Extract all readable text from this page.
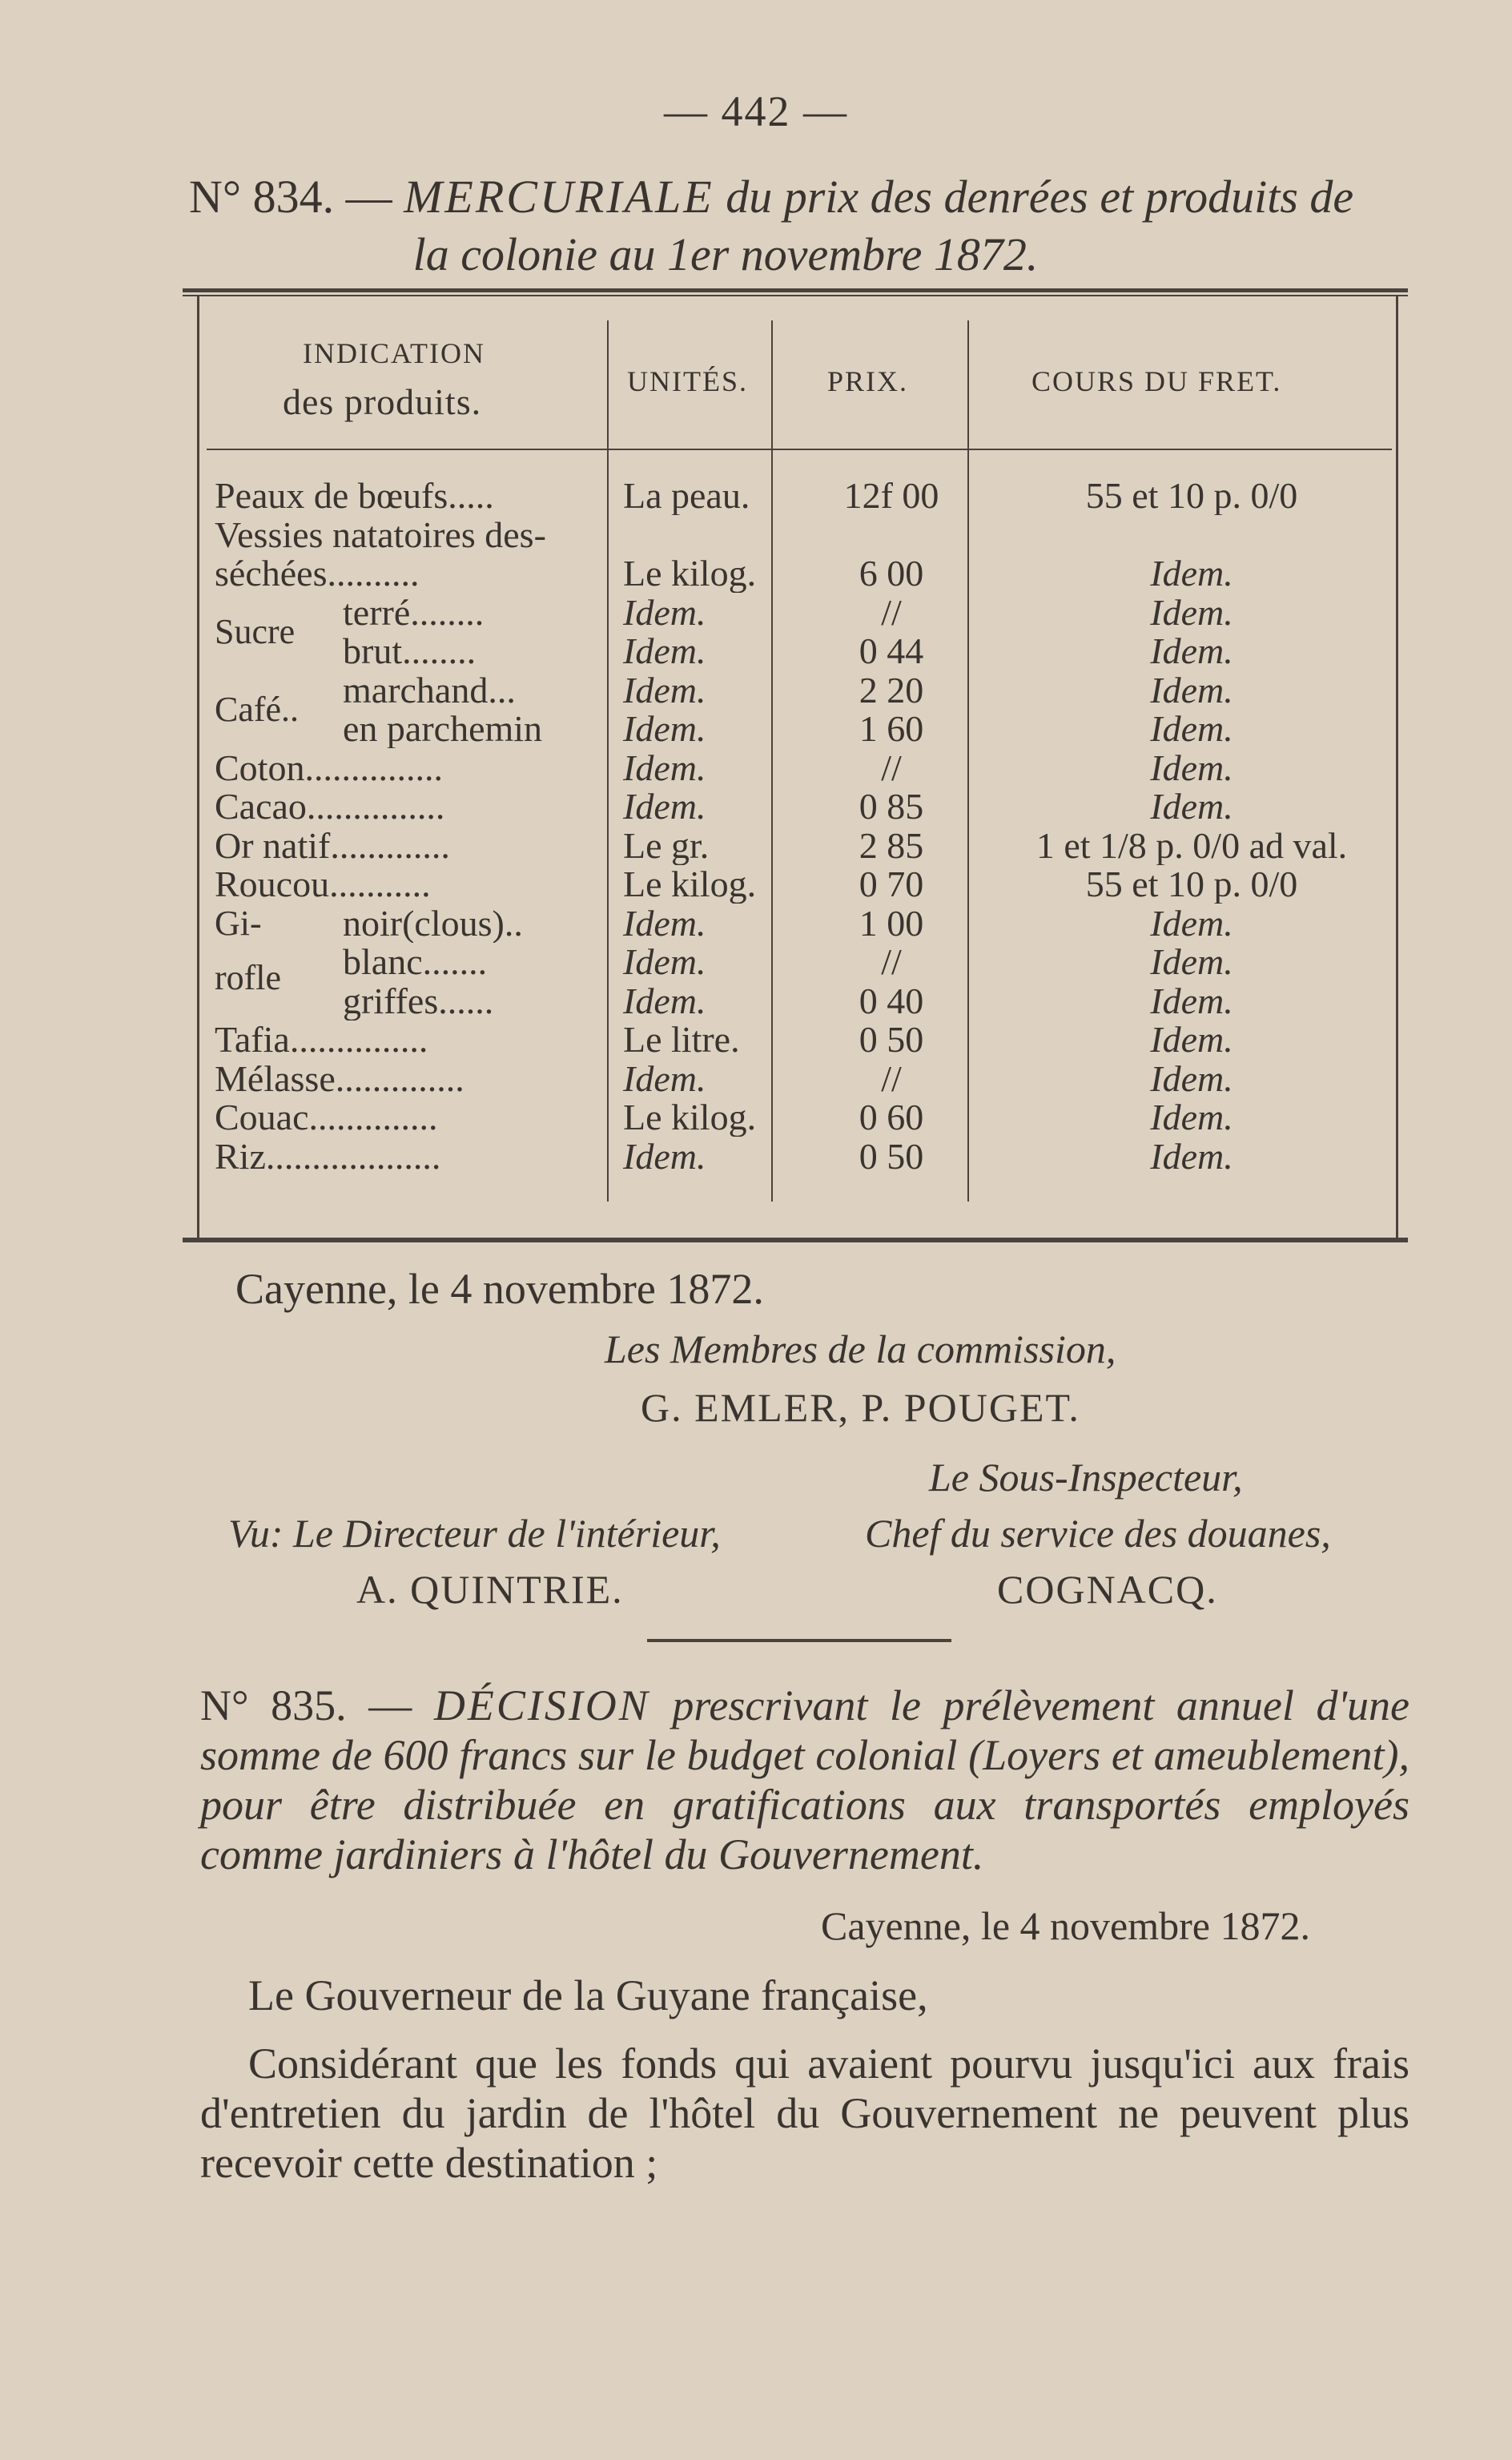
— 442 —
N° 834. — MERCURIALE du prix des denrées et produits de
la colonie au 1er novembre 1872.
INDICATION
des produits.	UNITÉS.	PRIX.	COURS DU FRET.
Peaux de bœufs.....	La peau.	12f 00	55 et 10 p. 0/0
Vessies natatoires des-
séchées..........	Le kilog.	6 00	Idem.
terré........	Idem.	//	Idem.
Sucre brut........	Idem.	0 44	Idem.
marchand...	Idem.	2 20	Idem.
Café.. en parchemin	Idem.	1 60	Idem.
Coton...............	Idem.	//	Idem.
Cacao...............	Idem.	0 85	Idem.
Or natif.............	Le gr.	2 85	1 et 1/8 p. 0/0 ad val.
Roucou...........	Le kilog.	0 70	55 et 10 p. 0/0
noir(clous)..	Idem.	1 00	Idem.
Gi-
blanc.......	Idem.	//	Idem.
rofle
griffes......	Idem.	0 40	Idem.
Tafia...............	Le litre.	0 50	Idem.
Mélasse..............	Idem.	//	Idem.
Couac..............	Le kilog.	0 60	Idem.
Riz...................	Idem.	0 50	Idem.
Cayenne, le 4 novembre 1872.
Les Membres de la commission,
G. EMLER, P. POUGET.
Le Sous-Inspecteur,
Vu: Le Directeur de l'intérieur,	Chef du service des douanes,
A. QUINTRIE.	COGNACQ.
N° 835. — DÉCISION prescrivant le prélèvement annuel d'une somme de 600 francs sur le budget colonial (Loyers et ameublement), pour être distribuée en gratifications aux transportés employés comme jardiniers à l'hôtel du Gouvernement.
Cayenne, le 4 novembre 1872.
Le Gouverneur de la Guyane française,
Considérant que les fonds qui avaient pourvu jusqu'ici aux frais d'entretien du jardin de l'hôtel du Gouvernement ne peuvent plus recevoir cette destination ;
